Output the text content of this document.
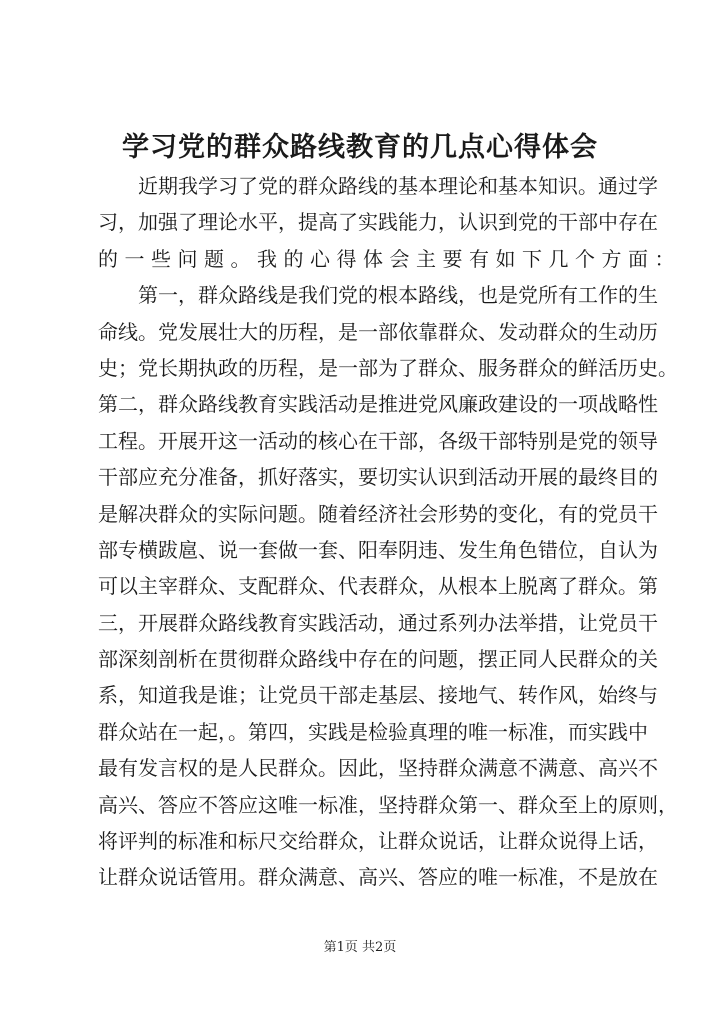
学习党的群众路线教育的几点心得体会
近期我学习了党的群众路线的基本理论和基本知识。通过学
习，加强了理论水平，提高了实践能力，认识到党的干部中存在
的一些问题。我的心得体会主要有如下几个方面：
第一，群众路线是我们党的根本路线，也是党所有工作的生
命线。党发展壮大的历程，是一部依靠群众、发动群众的生动历
史；党长期执政的历程，是一部为了群众、服务群众的鲜活历史。
第二，群众路线教育实践活动是推进党风廉政建设的一项战略性
工程。开展开这一活动的核心在干部，各级干部特别是党的领导
干部应充分准备，抓好落实，要切实认识到活动开展的最终目的
是解决群众的实际问题。随着经济社会形势的变化，有的党员干
部专横跋扈、说一套做一套、阳奉阴违、发生角色错位，自认为
可以主宰群众、支配群众、代表群众，从根本上脱离了群众。第
三，开展群众路线教育实践活动，通过系列办法举措，让党员干
部深刻剖析在贯彻群众路线中存在的问题，摆正同人民群众的关
系，知道我是谁；让党员干部走基层、接地气、转作风，始终与
群众站在一起，。第四，实践是检验真理的唯一标准，而实践中
最有发言权的是人民群众。因此，坚持群众满意不满意、高兴不
高兴、答应不答应这唯一标准，坚持群众第一、群众至上的原则，
将评判的标准和标尺交给群众，让群众说话，让群众说得上话，
让群众说话管用。群众满意、高兴、答应的唯一标准，不是放在
第1页 共2页
